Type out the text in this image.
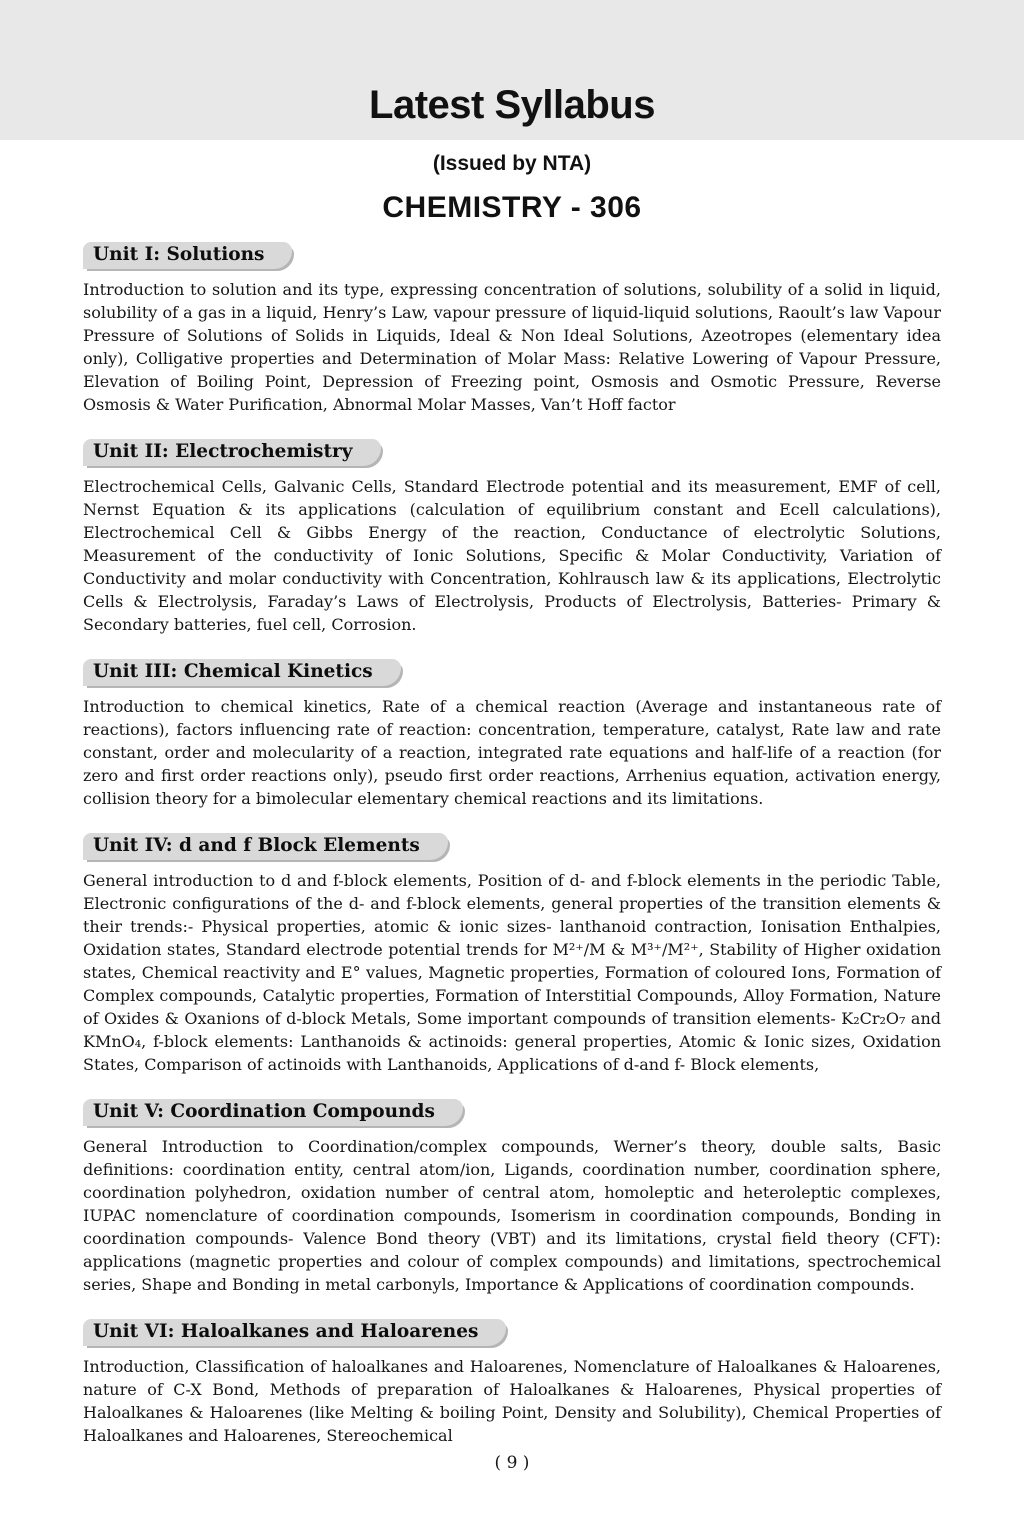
Latest Syllabus
(Issued by NTA)
CHEMISTRY - 306
Unit I: Solutions

Introduction to solution and its type, expressing concentration of solutions, solubility of a solid in liquid, solubility of a gas in a liquid, Henry’s Law, vapour pressure of liquid-liquid solutions, Raoult’s law Vapour Pressure of Solutions of Solids in Liquids, Ideal & Non Ideal Solutions, Azeotropes (elementary idea only), Colligative properties and Determination of Molar Mass: Relative Lowering of Vapour Pressure, Elevation of Boiling Point, Depression of Freezing point, Osmosis and Osmotic Pressure, Reverse Osmosis & Water Purification, Abnormal Molar Masses, Van’t Hoff factor

Unit II: Electrochemistry

Electrochemical Cells, Galvanic Cells, Standard Electrode potential and its measurement, EMF of cell, Nernst Equation & its applications (calculation of equilibrium constant and Ecell calculations), Electrochemical Cell & Gibbs Energy of the reaction, Conductance of electrolytic Solutions, Measurement of the conductivity of Ionic Solutions, Specific & Molar Conductivity, Variation of Conductivity and molar conductivity with Concentration, Kohlrausch law & its applications, Electrolytic Cells & Electrolysis, Faraday’s Laws of Electrolysis, Products of Electrolysis, Batteries- Primary & Secondary batteries, fuel cell, Corrosion.

Unit III: Chemical Kinetics

Introduction to chemical kinetics, Rate of a chemical reaction (Average and instantaneous rate of reactions), factors influencing rate of reaction: concentration, temperature, catalyst, Rate law and rate constant, order and molecularity of a reaction, integrated rate equations and half-life of a reaction (for zero and first order reactions only), pseudo first order reactions, Arrhenius equation, activation energy, collision theory for a bimolecular elementary chemical reactions and its limitations.

Unit IV: d and f Block Elements

General introduction to d and f-block elements, Position of d- and f-block elements in the periodic Table, Electronic configurations of the d- and f-block elements, general properties of the transition elements & their trends:- Physical properties, atomic & ionic sizes- lanthanoid contraction, Ionisation Enthalpies, Oxidation states, Standard electrode potential trends for M²⁺/M & M³⁺/M²⁺, Stability of Higher oxidation states, Chemical reactivity and E° values, Magnetic properties, Formation of coloured Ions, Formation of Complex compounds, Catalytic properties, Formation of Interstitial Compounds, Alloy Formation, Nature of Oxides & Oxanions of d-block Metals, Some important compounds of transition elements- K₂Cr₂O₇ and KMnO₄, f-block elements: Lanthanoids & actinoids: general properties, Atomic & Ionic sizes, Oxidation States, Comparison of actinoids with Lanthanoids, Applications of d-and f- Block elements,

Unit V: Coordination Compounds

General Introduction to Coordination/complex compounds, Werner’s theory, double salts, Basic definitions: coordination entity, central atom/ion, Ligands, coordination number, coordination sphere, coordination polyhedron, oxidation number of central atom, homoleptic and heteroleptic complexes, IUPAC nomenclature of coordination compounds, Isomerism in coordination compounds, Bonding in coordination compounds- Valence Bond theory (VBT) and its limitations, crystal field theory (CFT): applications (magnetic properties and colour of complex compounds) and limitations, spectrochemical series, Shape and Bonding in metal carbonyls, Importance & Applications of coordination compounds.

Unit VI: Haloalkanes and Haloarenes

Introduction, Classification of haloalkanes and Haloarenes, Nomenclature of Haloalkanes & Haloarenes, nature of C-X Bond, Methods of preparation of Haloalkanes & Haloarenes, Physical properties of Haloalkanes & Haloarenes (like Melting & boiling Point, Density and Solubility), Chemical Properties of Haloalkanes and Haloarenes, Stereochemical

( 9 )
